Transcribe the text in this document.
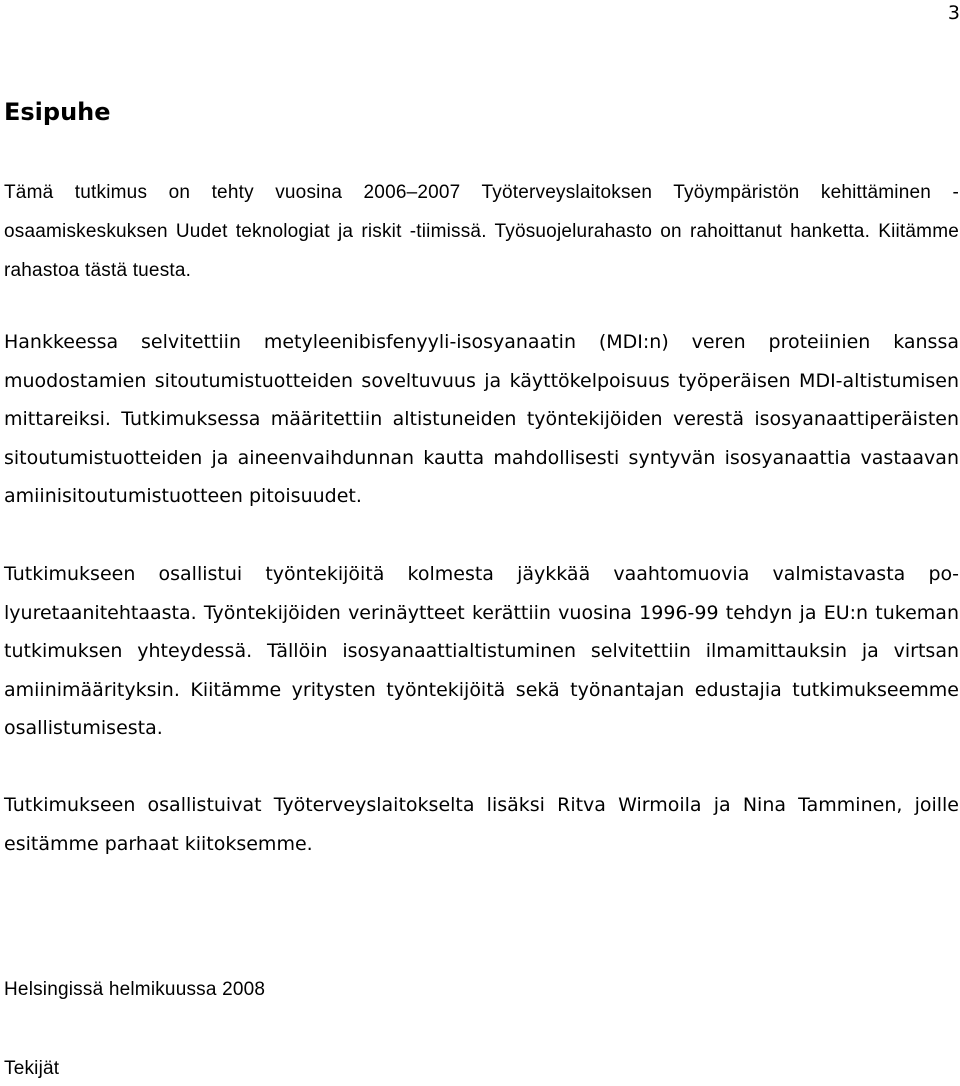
3
Esipuhe

Tämä tutkimus on tehty vuosina 2006–2007 Työterveyslaitoksen Työympäristön kehittäminen -osaamiskeskuksen Uudet teknologiat ja riskit -tiimissä. Työsuojelurahasto on rahoittanut hanketta. Kiitämme rahastoa tästä tuesta.

Hankkeessa selvitettiin metyleenibisfenyyli-isosyanaatin (MDI:n) veren proteiinien kanssa muodostamien sitoutumistuotteiden soveltuvuus ja käyttökelpoisuus työperäisen MDI-altistumisen mittareiksi. Tutkimuksessa määritettiin altistuneiden työntekijöiden verestä isosyanaattiperäisten sitoutumistuotteiden ja aineenvaihdunnan kautta mahdollisesti syntyvän isosyanaattia vastaavan amiinisitoutumistuotteen pitoisuudet.

Tutkimukseen osallistui työntekijöitä kolmesta jäykkää vaahtomuovia valmistavasta polyuretaanitehtaasta. Työntekijöiden verinäytteet kerättiin vuosina 1996-99 tehdyn ja EU:n tukeman tutkimuksen yhteydessä. Tällöin isosyanaattialtistuminen selvitettiin ilmamittauksin ja virtsan amiinimäärityksin. Kiitämme yritysten työntekijöitä sekä työnantajan edustajia tutkimukseemme osallistumisesta.

Tutkimukseen osallistuivat Työterveyslaitokselta lisäksi Ritva Wirmoila ja Nina Tamminen, joille esitämme parhaat kiitoksemme.

Helsingissä helmikuussa 2008

Tekijät
